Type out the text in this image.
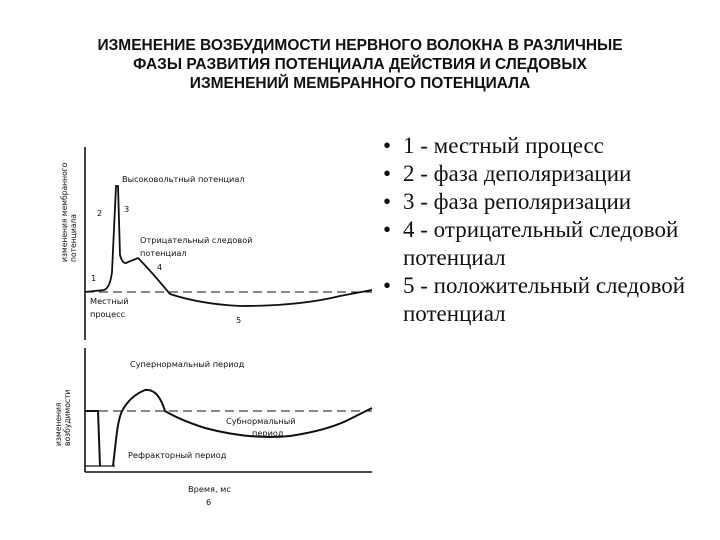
ИЗМЕНЕНИЕ ВОЗБУДИМОСТИ НЕРВНОГО ВОЛОКНА В РАЗЛИЧНЫЕ
ФАЗЫ РАЗВИТИЯ ПОТЕНЦИАЛА ДЕЙСТВИЯ И СЛЕДОВЫХ
ИЗМЕНЕНИЙ МЕМБРАННОГО ПОТЕНЦИАЛА
изменения мембранного потенциала
изменения возбудимости
Высоковольтный потенциал
2	3
Отрицательный следовой
потенциал
4
1
Местный
процесс
5
Супернормальный период
Субнормальный
период
Рефракторный период
Время, мс
6
• 1 - местный процесс
• 2 - фаза деполяризации
• 3 - фаза реполяризации
• 4 - отрицательный следовой потенциал
• 5 - положительный следовой потенциал
